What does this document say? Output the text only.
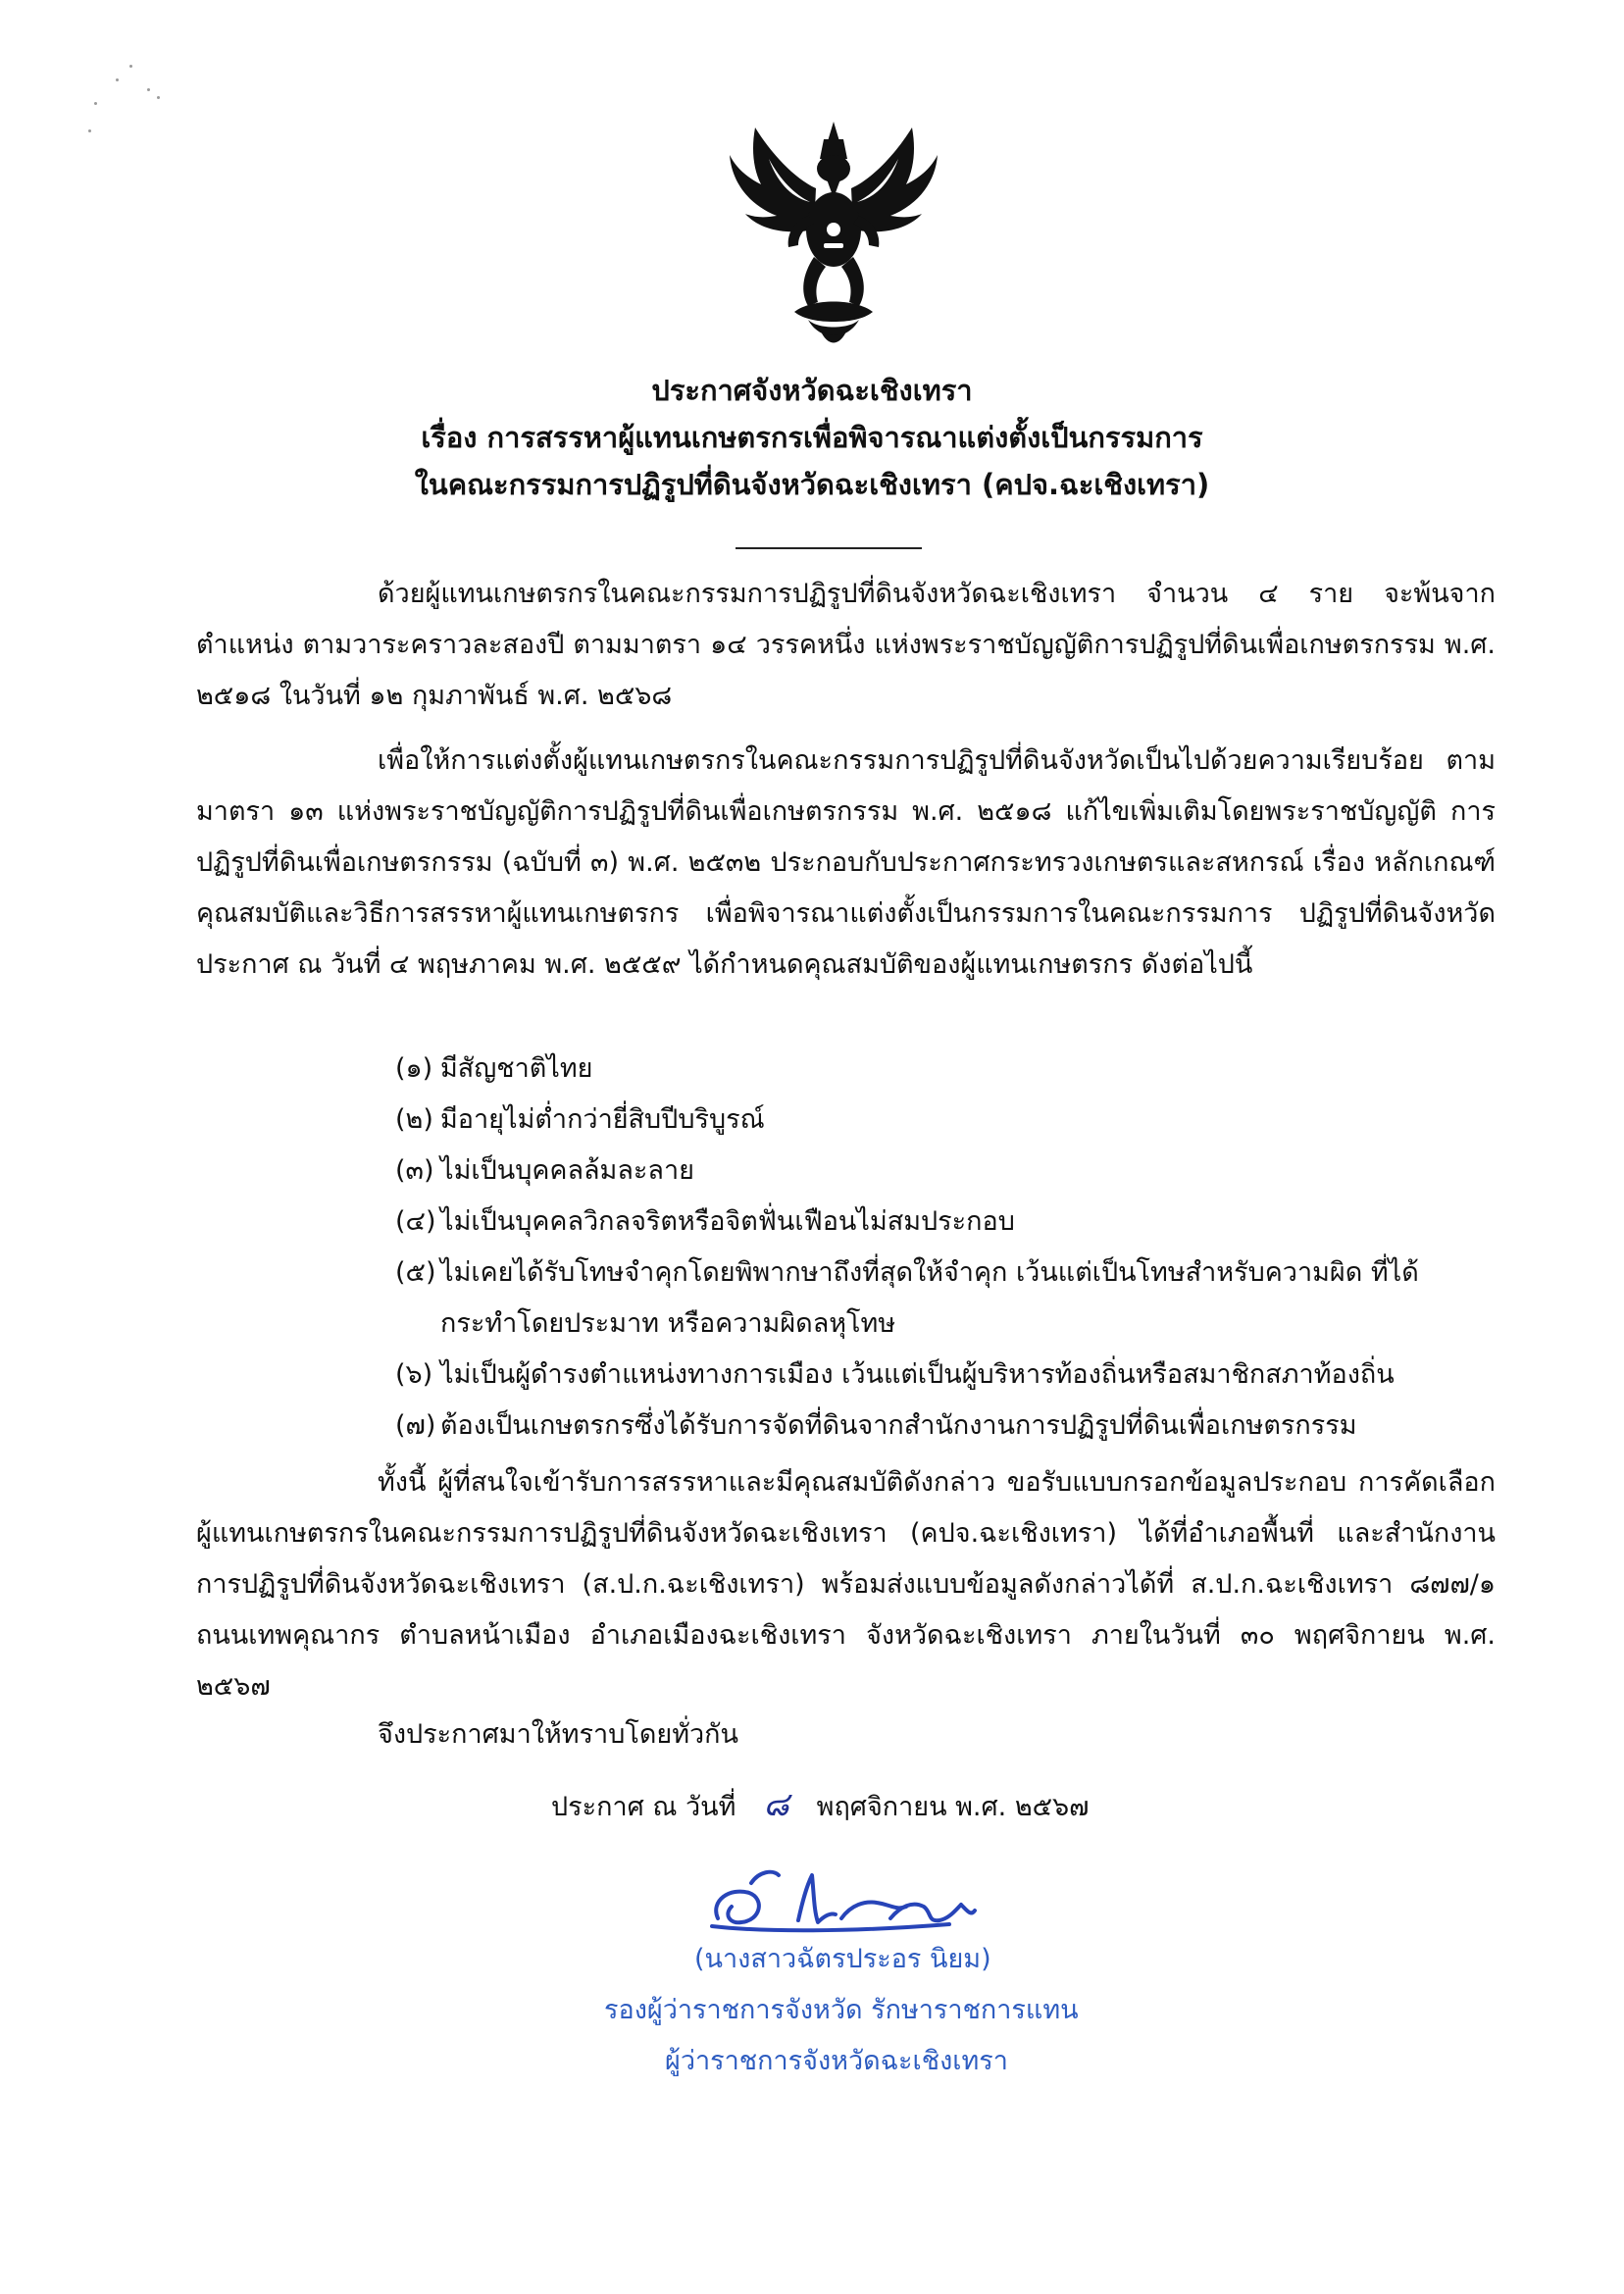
ประกาศจังหวัดฉะเชิงเทรา
เรื่อง การสรรหาผู้แทนเกษตรกรเพื่อพิจารณาแต่งตั้งเป็นกรรมการ
ในคณะกรรมการปฏิรูปที่ดินจังหวัดฉะเชิงเทรา (คปจ.ฉะเชิงเทรา)

ด้วยผู้แทนเกษตรกรในคณะกรรมการปฏิรูปที่ดินจังหวัดฉะเชิงเทรา จำนวน ๔ ราย จะพ้นจากตำแหน่ง ตามวาระคราวละสองปี ตามมาตรา ๑๔ วรรคหนึ่ง แห่งพระราชบัญญัติการปฏิรูปที่ดินเพื่อเกษตรกรรม พ.ศ. ๒๕๑๘ ในวันที่ ๑๒ กุมภาพันธ์ พ.ศ. ๒๕๖๘

เพื่อให้การแต่งตั้งผู้แทนเกษตรกรในคณะกรรมการปฏิรูปที่ดินจังหวัดเป็นไปด้วยความเรียบร้อย ตามมาตรา ๑๓ แห่งพระราชบัญญัติการปฏิรูปที่ดินเพื่อเกษตรกรรม พ.ศ. ๒๕๑๘ แก้ไขเพิ่มเติมโดยพระราชบัญญัติ การปฏิรูปที่ดินเพื่อเกษตรกรรม (ฉบับที่ ๓) พ.ศ. ๒๕๓๒ ประกอบกับประกาศกระทรวงเกษตรและสหกรณ์ เรื่อง หลักเกณฑ์ คุณสมบัติและวิธีการสรรหาผู้แทนเกษตรกร เพื่อพิจารณาแต่งตั้งเป็นกรรมการในคณะกรรมการ ปฏิรูปที่ดินจังหวัด ประกาศ ณ วันที่ ๔ พฤษภาคม พ.ศ. ๒๕๕๙ ได้กำหนดคุณสมบัติของผู้แทนเกษตรกร ดังต่อไปนี้

(๑) มีสัญชาติไทย
(๒) มีอายุไม่ต่ำกว่ายี่สิบปีบริบูรณ์
(๓) ไม่เป็นบุคคลล้มละลาย
(๔) ไม่เป็นบุคคลวิกลจริตหรือจิตฟั่นเฟือนไม่สมประกอบ
(๕) ไม่เคยได้รับโทษจำคุกโดยพิพากษาถึงที่สุดให้จำคุก เว้นแต่เป็นโทษสำหรับความผิด ที่ได้กระทำโดยประมาท หรือความผิดลหุโทษ
(๖) ไม่เป็นผู้ดำรงตำแหน่งทางการเมือง เว้นแต่เป็นผู้บริหารท้องถิ่นหรือสมาชิกสภาท้องถิ่น
(๗) ต้องเป็นเกษตรกรซึ่งได้รับการจัดที่ดินจากสำนักงานการปฏิรูปที่ดินเพื่อเกษตรกรรม

ทั้งนี้ ผู้ที่สนใจเข้ารับการสรรหาและมีคุณสมบัติดังกล่าว ขอรับแบบกรอกข้อมูลประกอบ การคัดเลือกผู้แทนเกษตรกรในคณะกรรมการปฏิรูปที่ดินจังหวัดฉะเชิงเทรา (คปจ.ฉะเชิงเทรา) ได้ที่อำเภอพื้นที่ และสำนักงานการปฏิรูปที่ดินจังหวัดฉะเชิงเทรา (ส.ป.ก.ฉะเชิงเทรา) พร้อมส่งแบบข้อมูลดังกล่าวได้ที่ ส.ป.ก.ฉะเชิงเทรา ๘๗๗/๑ ถนนเทพคุณากร ตำบลหน้าเมือง อำเภอเมืองฉะเชิงเทรา จังหวัดฉะเชิงเทรา ภายในวันที่ ๓๐ พฤศจิกายน พ.ศ. ๒๕๖๗

จึงประกาศมาให้ทราบโดยทั่วกัน
ประกาศ ณ วันที่ ๘ พฤศจิกายน พ.ศ. ๒๕๖๗
(นางสาวฉัตรประอร นิยม)
รองผู้ว่าราชการจังหวัด รักษาราชการแทน
ผู้ว่าราชการจังหวัดฉะเชิงเทรา
